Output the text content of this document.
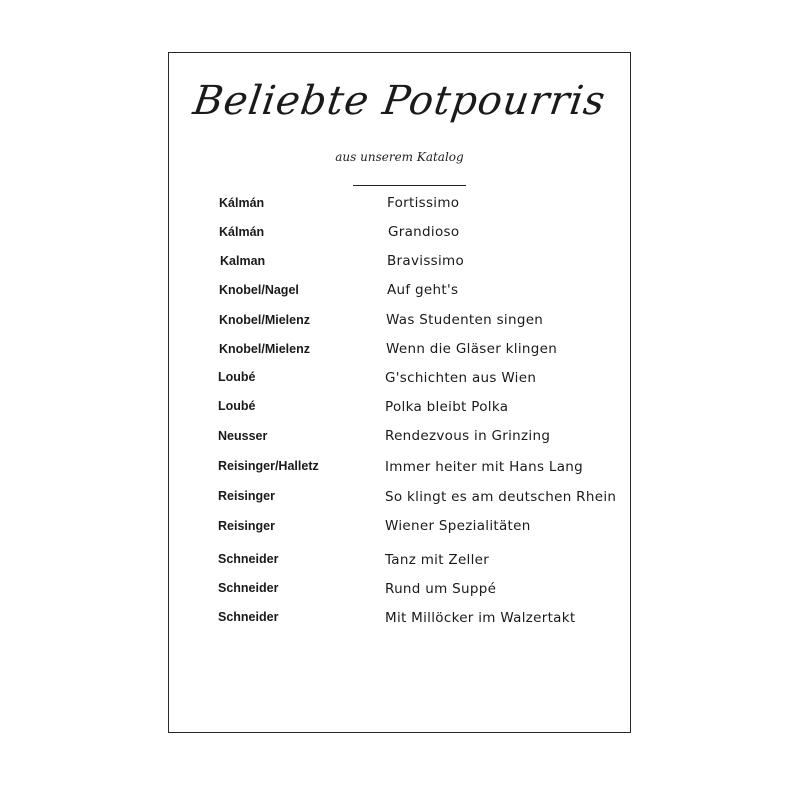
Beliebte Potpourris

aus unserem Katalog

Kálmán	Fortissimo
Kálmán	Grandioso
Kalman	Bravissimo
Knobel/Nagel	Auf geht's
Knobel/Mielenz	Was Studenten singen
Knobel/Mielenz	Wenn die Gläser klingen
Loubé	G'schichten aus Wien
Loubé	Polka bleibt Polka
Neusser	Rendezvous in Grinzing
Reisinger/Halletz	Immer heiter mit Hans Lang
Reisinger	So klingt es am deutschen Rhein
Reisinger	Wiener Spezialitäten
Schneider	Tanz mit Zeller
Schneider	Rund um Suppé
Schneider	Mit Millöcker im Walzertakt
